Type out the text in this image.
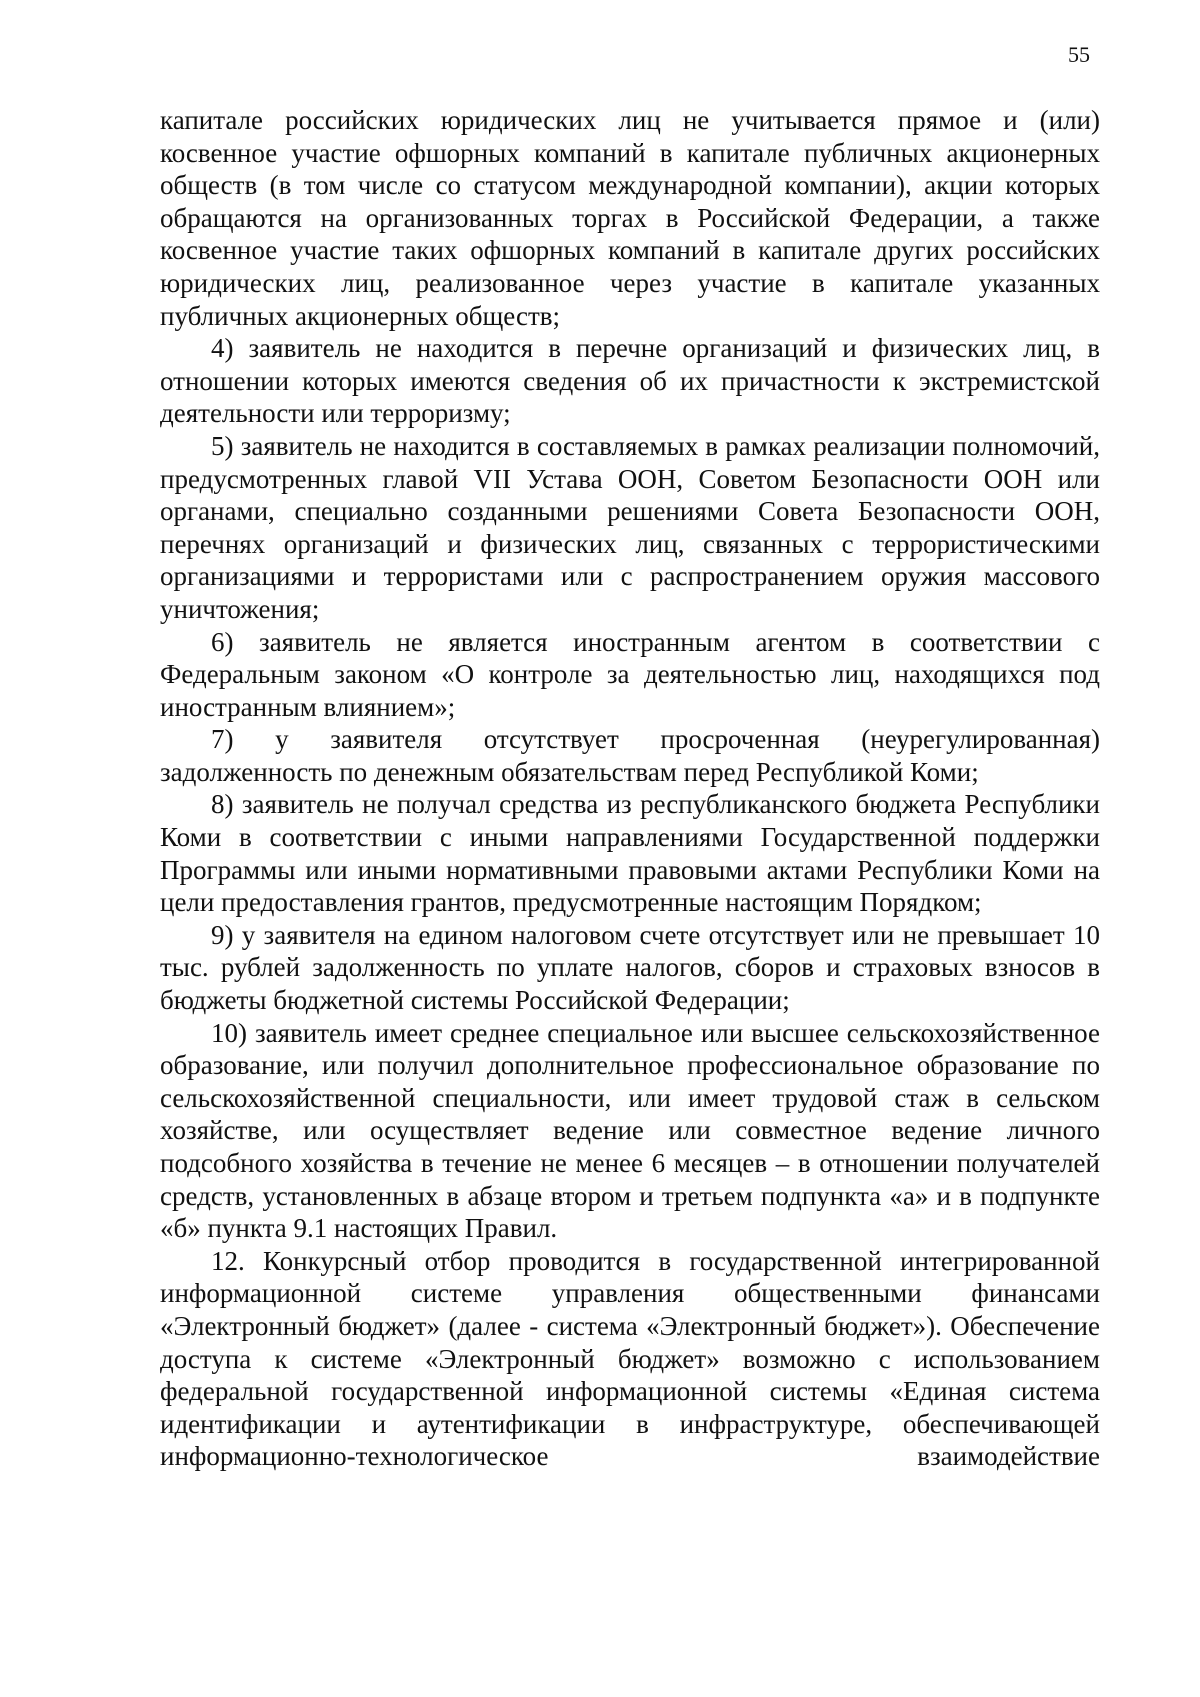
55

капитале российских юридических лиц не учитывается прямое и (или) косвенное участие офшорных компаний в капитале публичных акционерных обществ (в том числе со статусом международной компании), акции которых обращаются на организованных торгах в Российской Федерации, а также косвенное участие таких офшорных компаний в капитале других российских юридических лиц, реализованное через участие в капитале указанных публичных акционерных обществ;

4) заявитель не находится в перечне организаций и физических лиц, в отношении которых имеются сведения об их причастности к экстремистской деятельности или терроризму;

5) заявитель не находится в составляемых в рамках реализации полномочий, предусмотренных главой VII Устава ООН, Советом Безопасности ООН или органами, специально созданными решениями Совета Безопасности ООН, перечнях организаций и физических лиц, связанных с террористическими организациями и террористами или с распространением оружия массового уничтожения;

6) заявитель не является иностранным агентом в соответствии с Федеральным законом «О контроле за деятельностью лиц, находящихся под иностранным влиянием»;

7) у заявителя отсутствует просроченная (неурегулированная) задолженность по денежным обязательствам перед Республикой Коми;

8) заявитель не получал средства из республиканского бюджета Республики Коми в соответствии с иными направлениями Государственной поддержки Программы или иными нормативными правовыми актами Республики Коми на цели предоставления грантов, предусмотренные настоящим Порядком;

9) у заявителя на едином налоговом счете отсутствует или не превышает 10 тыс. рублей задолженность по уплате налогов, сборов и страховых взносов в бюджеты бюджетной системы Российской Федерации;

10) заявитель имеет среднее специальное или высшее сельскохозяйственное образование, или получил дополнительное профессиональное образование по сельскохозяйственной специальности, или имеет трудовой стаж в сельском хозяйстве, или осуществляет ведение или совместное ведение личного подсобного хозяйства в течение не менее 6 месяцев – в отношении получателей средств, установленных в абзаце втором и третьем подпункта «а» и в подпункте «б» пункта 9.1 настоящих Правил.

12. Конкурсный отбор проводится в государственной интегрированной информационной системе управления общественными финансами «Электронный бюджет» (далее - система «Электронный бюджет»). Обеспечение доступа к системе «Электронный бюджет» возможно с использованием федеральной государственной информационной системы «Единая система идентификации и аутентификации в инфраструктуре, обеспечивающей информационно-технологическое взаимодействие
